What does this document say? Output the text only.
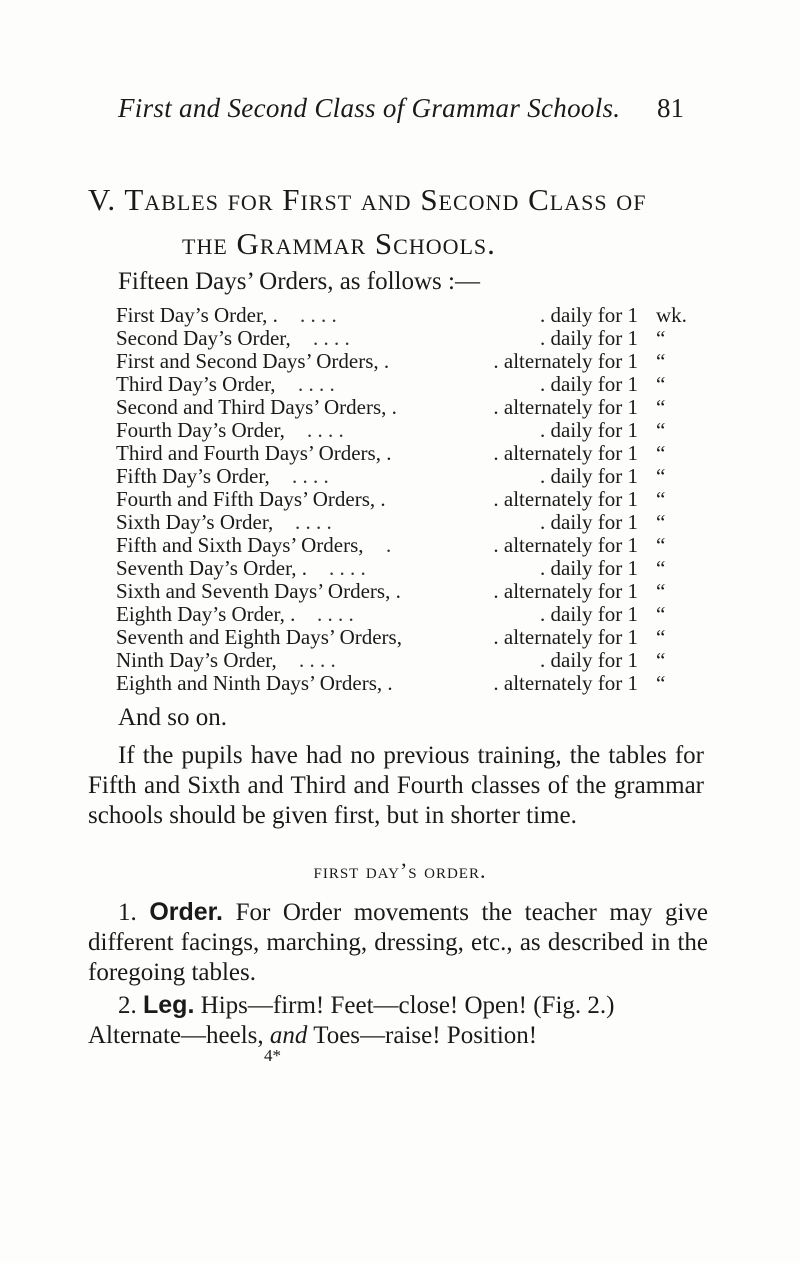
First and Second Class of Grammar Schools. 81
V. Tables for First and Second Class of
the Grammar Schools.
Fifteen Days’ Orders, as follows :—
First Day’s Order, . . . . .	. daily for 1 wk.
Second Day’s Order, . . . .	. daily for 1 “
First and Second Days’ Orders, .	. alternately for 1 “
Third Day’s Order, . . . .	. daily for 1 “
Second and Third Days’ Orders, .	. alternately for 1 “
Fourth Day’s Order, . . . .	. daily for 1 “
Third and Fourth Days’ Orders, .	. alternately for 1 “
Fifth Day’s Order, . . . .	. daily for 1 “
Fourth and Fifth Days’ Orders, .	. alternately for 1 “
Sixth Day’s Order, . . . .	. daily for 1 “
Fifth and Sixth Days’ Orders, .	. alternately for 1 “
Seventh Day’s Order, . . . . .	. daily for 1 “
Sixth and Seventh Days’ Orders, .	. alternately for 1 “
Eighth Day’s Order, . . . . .	. daily for 1 “
Seventh and Eighth Days’ Orders,	. alternately for 1 “
Ninth Day’s Order, . . . .	. daily for 1 “
Eighth and Ninth Days’ Orders, .	. alternately for 1 “
And so on.
If the pupils have had no previous training, the tables for Fifth and Sixth and Third and Fourth classes of the grammar schools should be given first, but in shorter time.
first day’s order.
1. Order. For Order movements the teacher may give different facings, marching, dressing, etc., as described in the foregoing tables.
2. Leg. Hips—firm! Feet—close! Open! (Fig. 2.) Alternate—heels, and Toes—raise! Position!
4*
